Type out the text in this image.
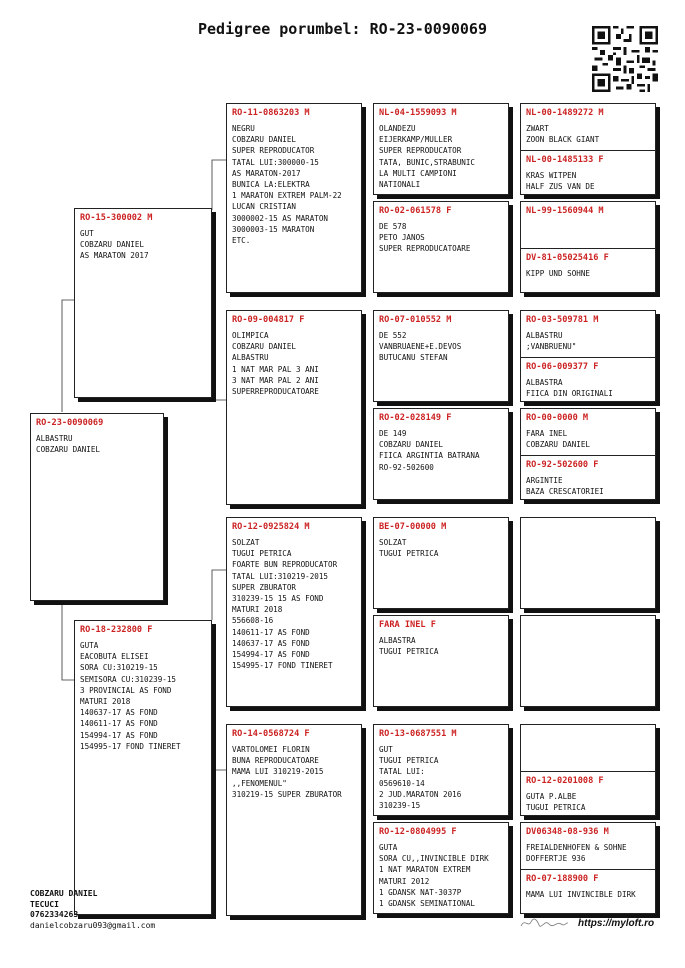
Pedigree porumbel: RO-23-0090069
RO-23-0090069
ALBASTRU
COBZARU DANIEL
RO-15-300002 M
GUT
COBZARU DANIEL
AS MARATON 2017
RO-18-232800 F
GUTA
EACOBUTA ELISEI
SORA CU:310219-15
SEMISORA CU:310239-15
3 PROVINCIAL AS FOND
MATURI 2018
140637-17 AS FOND
140611-17 AS FOND
154994-17 AS FOND
154995-17 FOND TINERET
RO-11-0863203 M
NEGRU
COBZARU DANIEL
SUPER REPRODUCATOR
TATAL LUI:300000-15
AS MARATON-2017
BUNICA LA:ELEKTRA
1 MARATON EXTREM PALM-22
LUCAN CRISTIAN
3000002-15 AS MARATON
3000003-15 MARATON
ETC.
RO-09-004817 F
OLIMPICA
COBZARU DANIEL
ALBASTRU
1 NAT MAR PAL 3 ANI
3 NAT MAR PAL 2 ANI
SUPERREPRODUCATOARE
RO-12-0925824 M
SOLZAT
TUGUI PETRICA
FOARTE BUN REPRODUCATOR
TATAL LUI:310219-2015
SUPER ZBURATOR
310239-15 15 AS FOND
MATURI 2018
556608-16
140611-17 AS FOND
140637-17 AS FOND
154994-17 AS FOND
154995-17 FOND TINERET
RO-14-0568724 F
VARTOLOMEI FLORIN
BUNA REPRODUCATOARE
MAMA LUI 310219-2015
,,FENOMENUL"
310219-15 SUPER ZBURATOR
NL-04-1559093 M
OLANDEZU
EIJERKAMP/MULLER
SUPER REPRODUCATOR
TATA, BUNIC,STRABUNIC
LA MULTI CAMPIONI
NATIONALI
RO-02-061578 F
DE 578
PETO JANOS
SUPER REPRODUCATOARE
RO-07-010552 M
DE 552
VANBRUAENE+E.DEVOS
BUTUCANU STEFAN
RO-02-028149 F
DE 149
COBZARU DANIEL
FIICA ARGINTIA BATRANA
RO-92-502600
BE-07-00000 M
SOLZAT
TUGUI PETRICA
FARA INEL F
ALBASTRA
TUGUI PETRICA
RO-13-0687551 M
GUT
TUGUI PETRICA
TATAL LUI:
0569610-14
2 JUD.MARATON 2016
310239-15
RO-12-0804995 F
GUTA
SORA CU,,INVINCIBLE DIRK
1 NAT MARATON EXTREM
MATURI 2012
1 GDANSK NAT-3037P
1 GDANSK SEMINATIONAL
NL-00-1489272 M
ZWART
ZOON BLACK GIANT
NL-00-1485133 F
KRAS WITPEN
HALF ZUS VAN DE
NL-99-1560944 M
DV-81-05025416 F
KIPP UND SOHNE
RO-03-509781 M
ALBASTRU
;VANBRUENU"
RO-06-009377 F
ALBASTRA
FIICA DIN ORIGINALI
RO-00-0000 M
FARA INEL
COBZARU DANIEL
RO-92-502600 F
ARGINTIE
BAZA CRESCATORIEI
RO-12-0201008 F
GUTA P.ALBE
TUGUI PETRICA
DV06348-08-936 M
FREIALDENHOFEN & SOHNE
DOFFERTJE 936
RO-07-188900 F
MAMA LUI INVINCIBLE DIRK
COBZARU DANIEL
TECUCI
0762334263
danielcobzaru093@gmail.com	https://myloft.ro
